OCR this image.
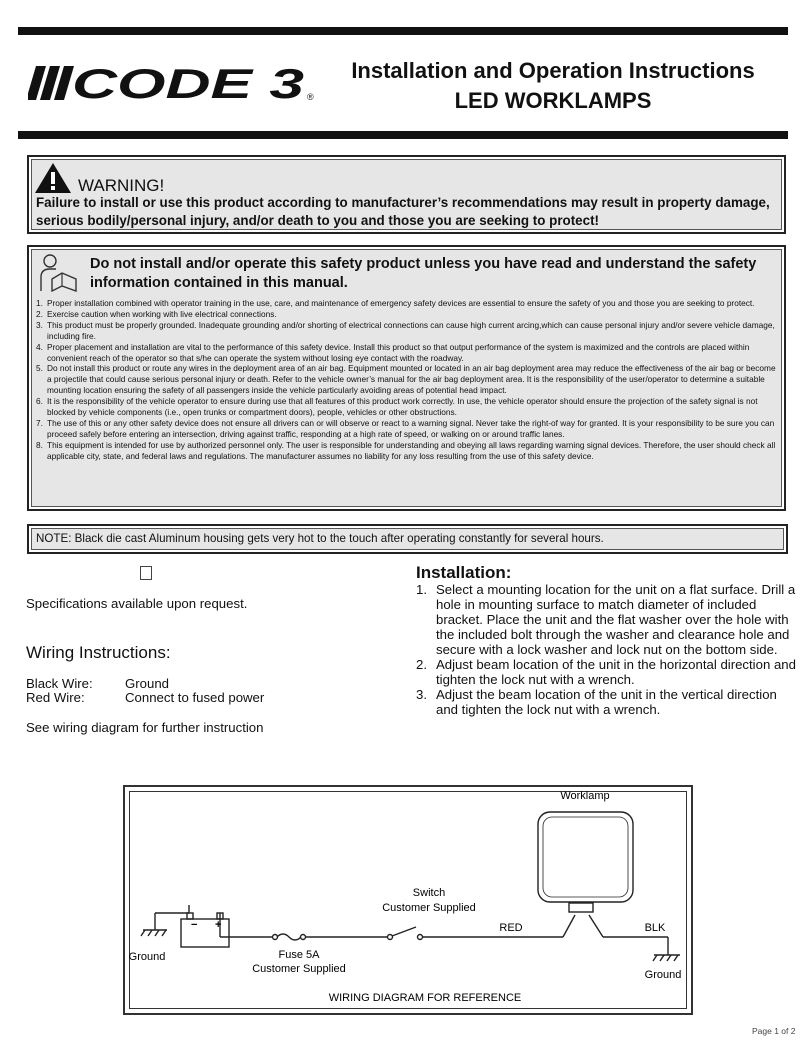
CODE 3 ®
Installation and Operation Instructions
LED WORKLAMPS
WARNING!
Failure to install or use this product according to manufacturer’s recommendations may result in property damage, serious bodily/personal injury, and/or death to you and those you are seeking to protect!
Do not install and/or operate this safety product unless you have read and understand the safety information contained in this manual.
1. Proper installation combined with operator training in the use, care, and maintenance of emergency safety devices are essential to ensure the safety of you and those you are seeking to protect.
2. Exercise caution when working with live electrical connections.
3. This product must be properly grounded. Inadequate grounding and/or shorting of electrical connections can cause high current arcing,which can cause personal injury and/or severe vehicle damage, including fire.
4. Proper placement and installation are vital to the performance of this safety device. Install this product so that output performance of the system is maximized and the controls are placed within convenient reach of the operator so that s/he can operate the system without losing eye contact with the roadway.
5. Do not install this product or route any wires in the deployment area of an air bag. Equipment mounted or located in an air bag deployment area may reduce the effectiveness of the air bag or become a projectile that could cause serious personal injury or death. Refer to the vehicle owner’s manual for the air bag deployment area. It is the responsibility of the user/operator to determine a suitable mounting location ensuring the safety of all passengers inside the vehicle particularly avoiding areas of potential head impact.
6. It is the responsibility of the vehicle operator to ensure during use that all features of this product work correctly. In use, the vehicle operator should ensure the projection of the safety signal is not blocked by vehicle components (i.e., open trunks or compartment doors), people, vehicles or other obstructions.
7. The use of this or any other safety device does not ensure all drivers can or will observe or react to a warning signal. Never take the right-of way for granted. It is your responsibility to be sure you can proceed safely before entering an intersection, driving against traffic, responding at a high rate of speed, or walking on or around traffic lanes.
8. This equipment is intended for use by authorized personnel only. The user is responsible for understanding and obeying all laws regarding warning signal devices. Therefore, the user should check all applicable city, state, and federal laws and regulations. The manufacturer assumes no liability for any loss resulting from the use of this safety device.
NOTE: Black die cast Aluminum housing gets very hot to the touch after operating constantly for several hours.
Specifications available upon request.
Wiring Instructions:
Black Wire: Ground
Red Wire:	Connect to fused power
See wiring diagram for further instruction
Installation:
1. Select a mounting location for the unit on a flat surface. Drill a hole in mounting surface to match diameter of included bracket. Place the unit and the flat washer over the hole with the included bolt through the washer and clearance hole and secure with a lock washer and lock nut on the bottom side.
2. Adjust beam location of the unit in the horizontal direction and tighten the lock nut with a wrench.
3. Adjust the beam location of the unit in the vertical direction and tighten the lock nut with a wrench.
Worklamp
Switch
Customer Supplied
Fuse 5A
Customer Supplied
RED	BLK
Ground
Ground
− +
WIRING DIAGRAM FOR REFERENCE
Page 1 of 2
